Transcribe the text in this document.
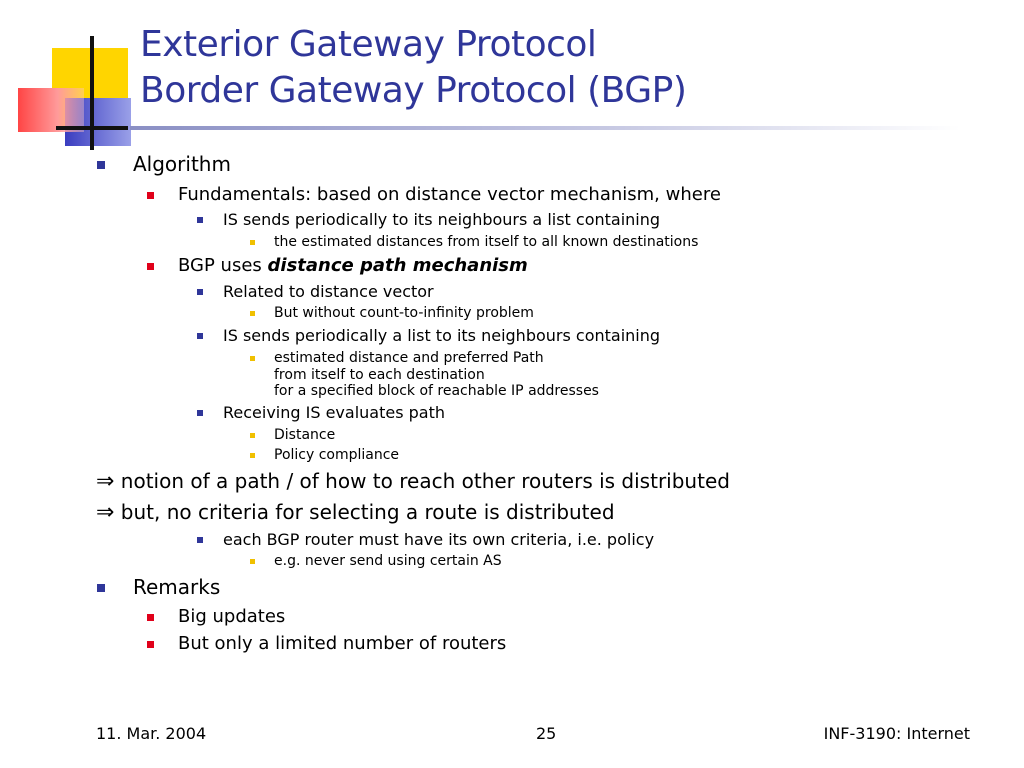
Exterior Gateway Protocol
Border Gateway Protocol (BGP)
Algorithm
Fundamentals: based on distance vector mechanism, where
IS sends periodically to its neighbours a list containing
the estimated distances from itself to all known destinations
BGP uses distance path mechanism
Related to distance vector
But without count-to-infinity problem
IS sends periodically a list to its neighbours containing
estimated distance and preferred Path
from itself to each destination
for a specified block of reachable IP addresses
Receiving IS evaluates path
Distance
Policy compliance
⇒ notion of a path / of how to reach other routers is distributed
⇒ but, no criteria for selecting a route is distributed
each BGP router must have its own criteria, i.e. policy
e.g. never send using certain AS
Remarks
Big updates
But only a limited number of routers
11. Mar. 2004	25	INF-3190: Internet
